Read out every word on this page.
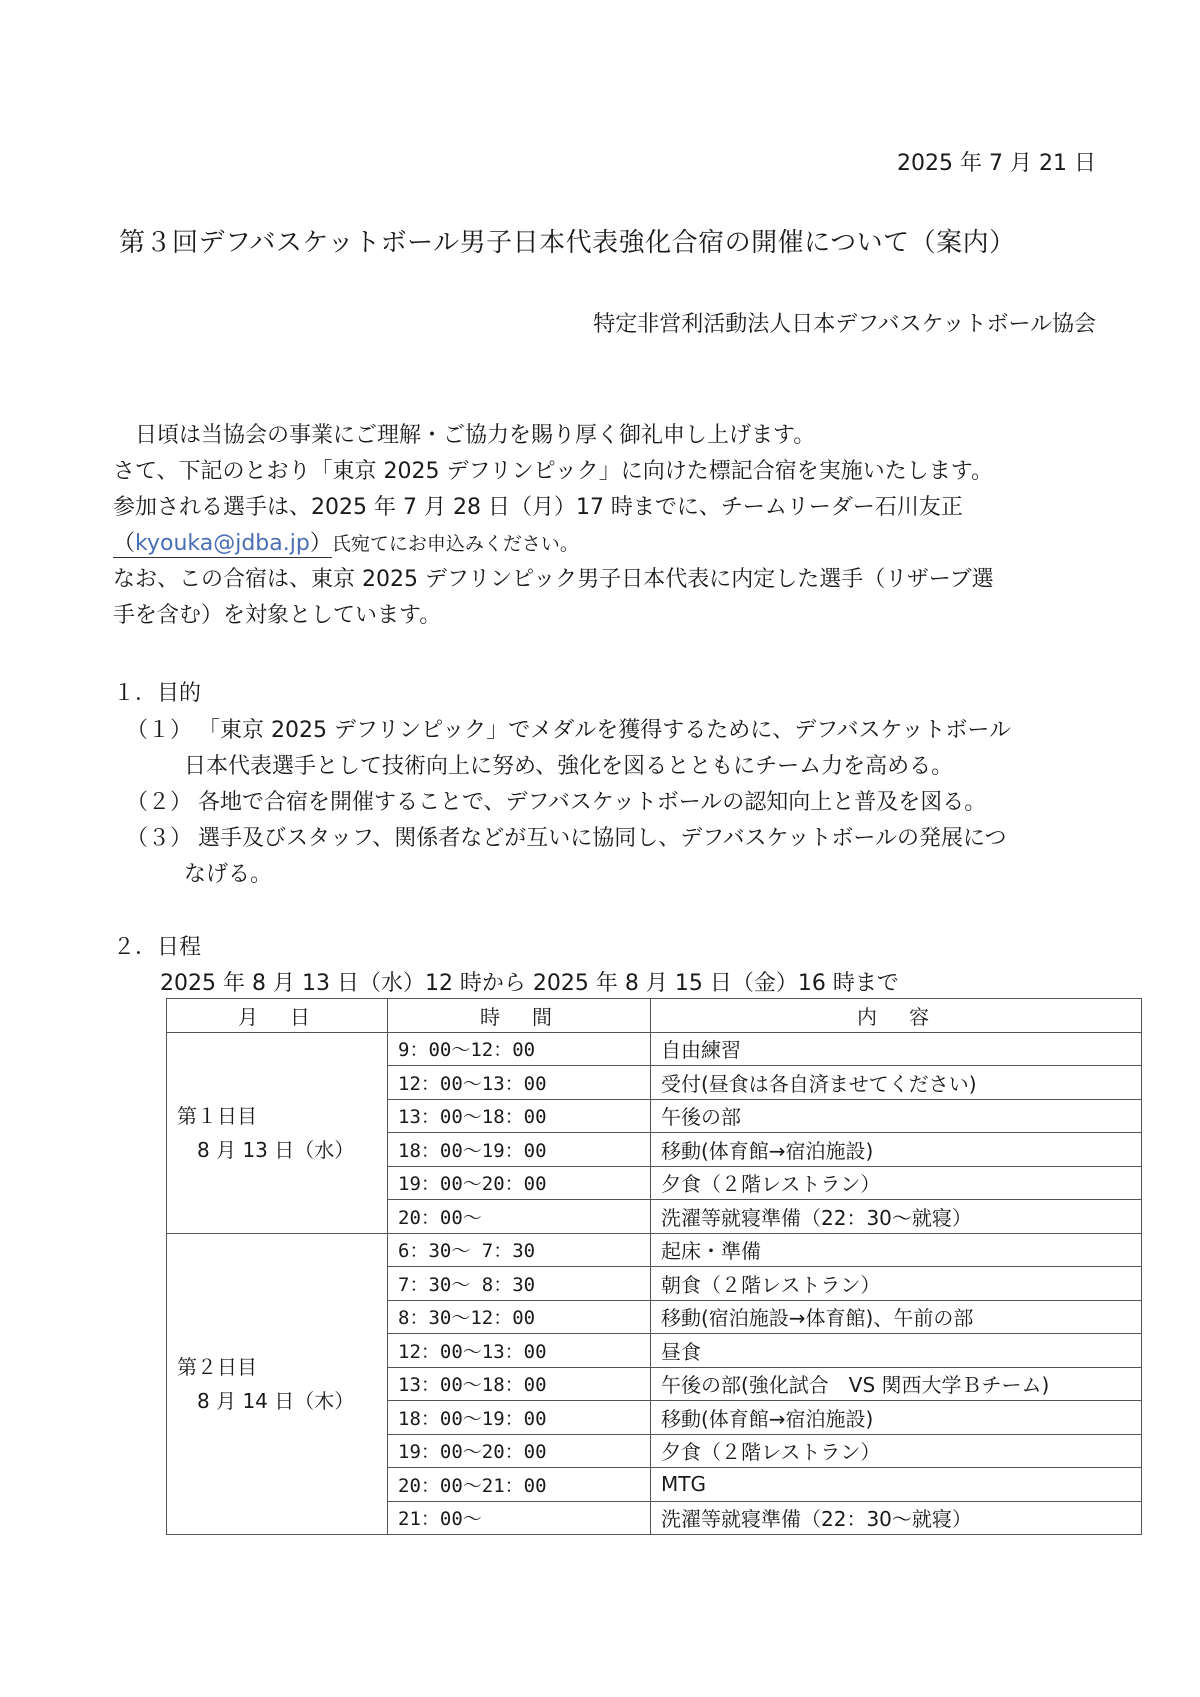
2025 年 7 月 21 日
第３回デフバスケットボール男子日本代表強化合宿の開催について（案内）
特定非営利活動法人日本デフバスケットボール協会
日頃は当協会の事業にご理解・ご協力を賜り厚く御礼申し上げます。
さて、下記のとおり「東京 2025 デフリンピック」に向けた標記合宿を実施いたします。
参加される選手は、2025 年 7 月 28 日（月）17 時までに、チームリーダー石川友正
（kyouka@jdba.jp）氏宛てにお申込みください。
なお、この合宿は、東京 2025 デフリンピック男子日本代表に内定した選手（リザーブ選
手を含む）を対象としています。
１．目的
（１） 「東京 2025 デフリンピック」でメダルを獲得するために、デフバスケットボール
日本代表選手として技術向上に努め、強化を図るとともにチーム力を高める。
（２） 各地で合宿を開催することで、デフバスケットボールの認知向上と普及を図る。
（３） 選手及びスタッフ、関係者などが互いに協同し、デフバスケットボールの発展につ
なげる。
２．日程
2025 年 8 月 13 日（水）12 時から 2025 年 8 月 15 日（金）16 時まで
月　日	時　間	内　容

第１日目
8 月 13 日（水）	9：00～12：00	自由練習
	12：00～13：00	受付(昼食は各自済ませてください)
	13：00～18：00	午後の部
	18：00～19：00	移動(体育館→宿泊施設)
	19：00～20：00	夕食（２階レストラン）
	20：00～	洗濯等就寝準備（22：30～就寝）

第２日目
8 月 14 日（木）	6：30～ 7：30	起床・準備
	7：30～ 8：30	朝食（２階レストラン）
	8：30～12：00	移動(宿泊施設→体育館)、午前の部
	12：00～13：00	昼食
	13：00～18：00	午後の部(強化試合　VS 関西大学Ｂチーム)
	18：00～19：00	移動(体育館→宿泊施設)
	19：00～20：00	夕食（２階レストラン）
	20：00～21：00	MTG
	21：00～	洗濯等就寝準備（22：30～就寝）
